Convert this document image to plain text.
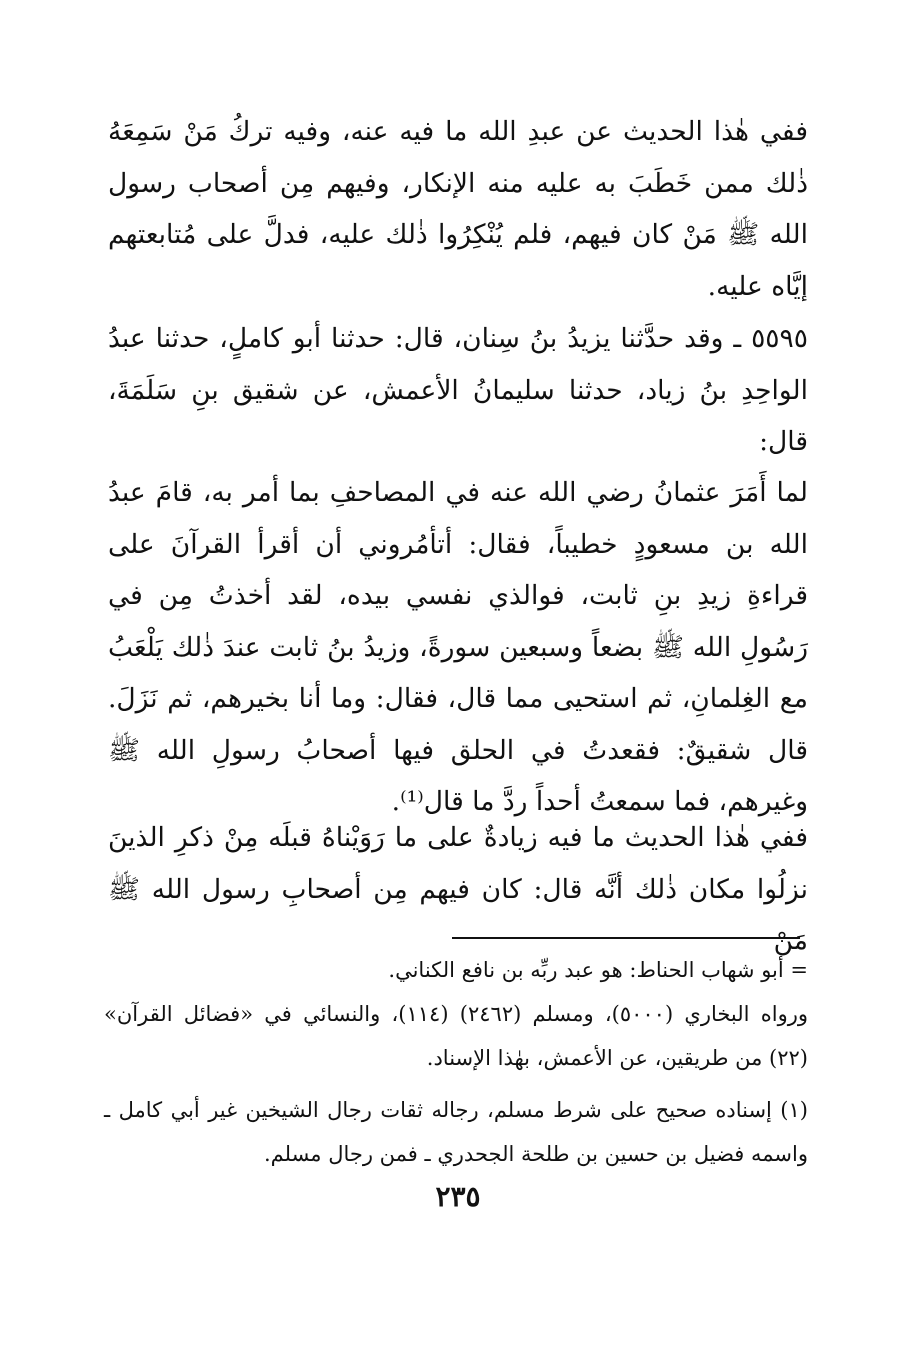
ففي هٰذا الحديث عن عبدِ الله ما فيه عنه، وفيه تركُ مَنْ سَمِعَهُ ذٰلك ممن خَطَبَ به عليه منه الإنكار، وفيهم مِن أصحاب رسول الله ﷺ مَنْ كان فيهم، فلم يُنْكِرُوا ذٰلك عليه، فدلَّ على مُتابعتهم إيَّاه عليه.

٥٥٩٥ ـ وقد حدَّثنا يزيدُ بنُ سِنان، قال: حدثنا أبو كاملٍ، حدثنا عبدُ الواحِدِ بنُ زياد، حدثنا سليمانُ الأعمش، عن شقيق بنِ سَلَمَةَ، قال:

لما أَمَرَ عثمانُ رضي الله عنه في المصاحفِ بما أمر به، قامَ عبدُ الله بن مسعودٍ خطيباً، فقال: أتأمُروني أن أقرأ القرآنَ على قراءةِ زيدِ بنِ ثابت، فوالذي نفسي بيده، لقد أخذتُ مِن في رَسُولِ الله ﷺ بضعاً وسبعين سورةً، وزيدُ بنُ ثابت عندَ ذٰلك يَلْعَبُ مع الغِلمانِ، ثم استحيى مما قال، فقال: وما أنا بخيرهم، ثم نَزَلَ. قال شقيقٌ: فقعدتُ في الحلق فيها أصحابُ رسولِ الله ﷺ وغيرهم، فما سمعتُ أحداً ردَّ ما قال⁽¹⁾.

ففي هٰذا الحديث ما فيه زيادةٌ على ما رَوَيْناهُ قبلَه مِنْ ذكرِ الذينَ نزلُوا مكان ذٰلك أنَّه قال: كان فيهم مِن أصحابِ رسول الله ﷺ مَنْ

= أبو شهاب الحناط: هو عبد ربِّه بن نافع الكناني.

ورواه البخاري (٥٠٠٠)، ومسلم (٢٤٦٢) (١١٤)، والنسائي في «فضائل القرآن» (٢٢) من طريقين، عن الأعمش، بهٰذا الإسناد.

(١) إسناده صحيح على شرط مسلم، رجاله ثقات رجال الشيخين غير أبي كامل ـ واسمه فضيل بن حسين بن طلحة الجحدري ـ فمن رجال مسلم.

٢٣٥
